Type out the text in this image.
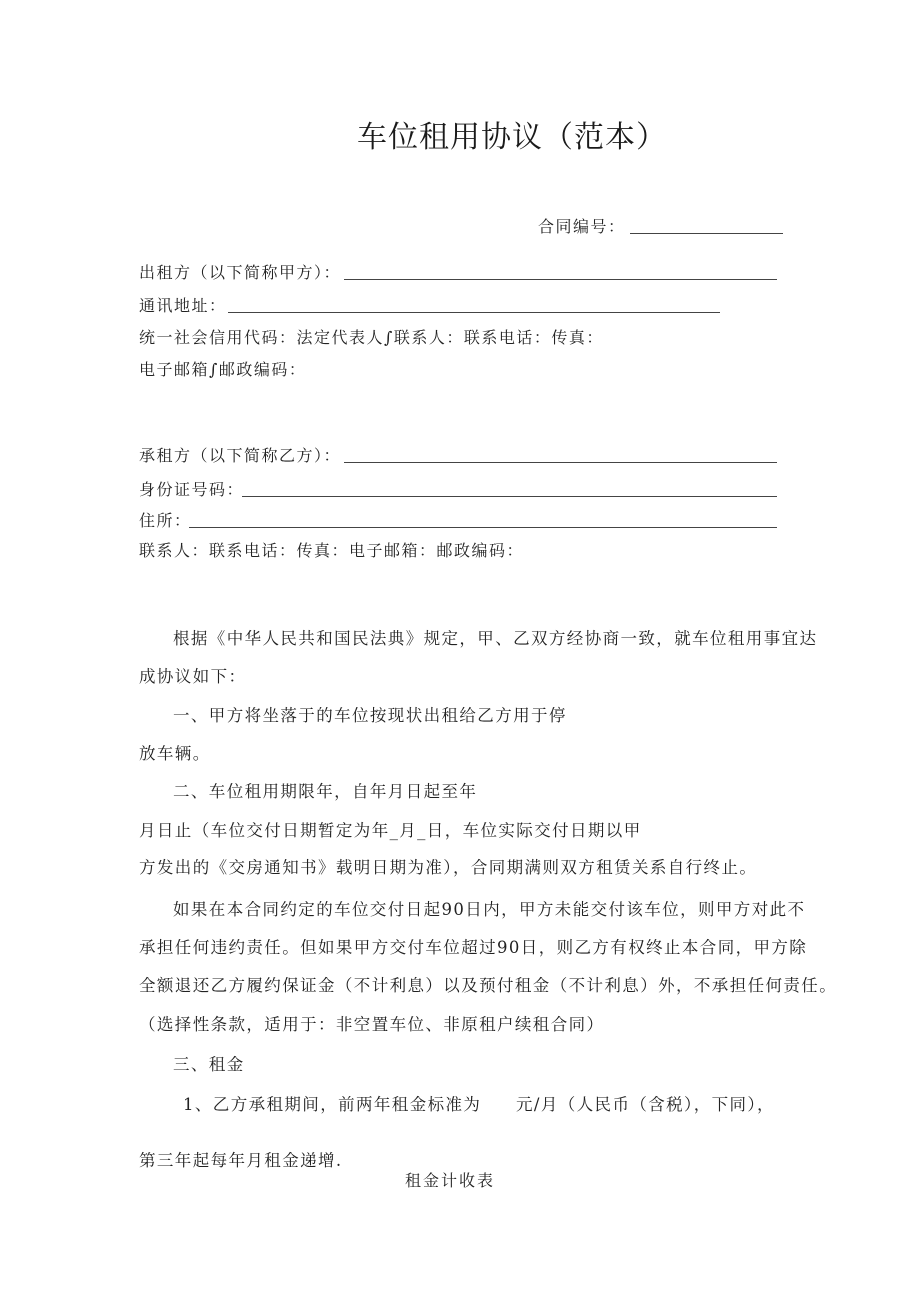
车位租用协议（范本）
合同编号：
出租方（以下简称甲方）：
通讯地址：
统一社会信用代码：法定代表人∫联系人：联系电话：传真：
电子邮箱∫邮政编码：
承租方（以下简称乙方）：
身份证号码：
住所：
联系人：联系电话：传真：电子邮箱：邮政编码：
根据《中华人民共和国民法典》规定，甲、乙双方经协商一致，就车位租用事宜达
成协议如下：
一、甲方将坐落于的车位按现状出租给乙方用于停
放车辆。
二、车位租用期限年，自年月日起至年
月日止（车位交付日期暂定为年_月_日，车位实际交付日期以甲
方发出的《交房通知书》载明日期为准），合同期满则双方租赁关系自行终止。
如果在本合同约定的车位交付日起90日内，甲方未能交付该车位，则甲方对此不
承担任何违约责任。但如果甲方交付车位超过90日，则乙方有权终止本合同，甲方除
全额退还乙方履约保证金（不计利息）以及预付租金（不计利息）外，不承担任何责任。
（选择性条款，适用于：非空置车位、非原租户续租合同）
三、租金
1、乙方承租期间，前两年租金标准为 元/月（人民币（含税），下同），
第三年起每年月租金递增.
租金计收表
